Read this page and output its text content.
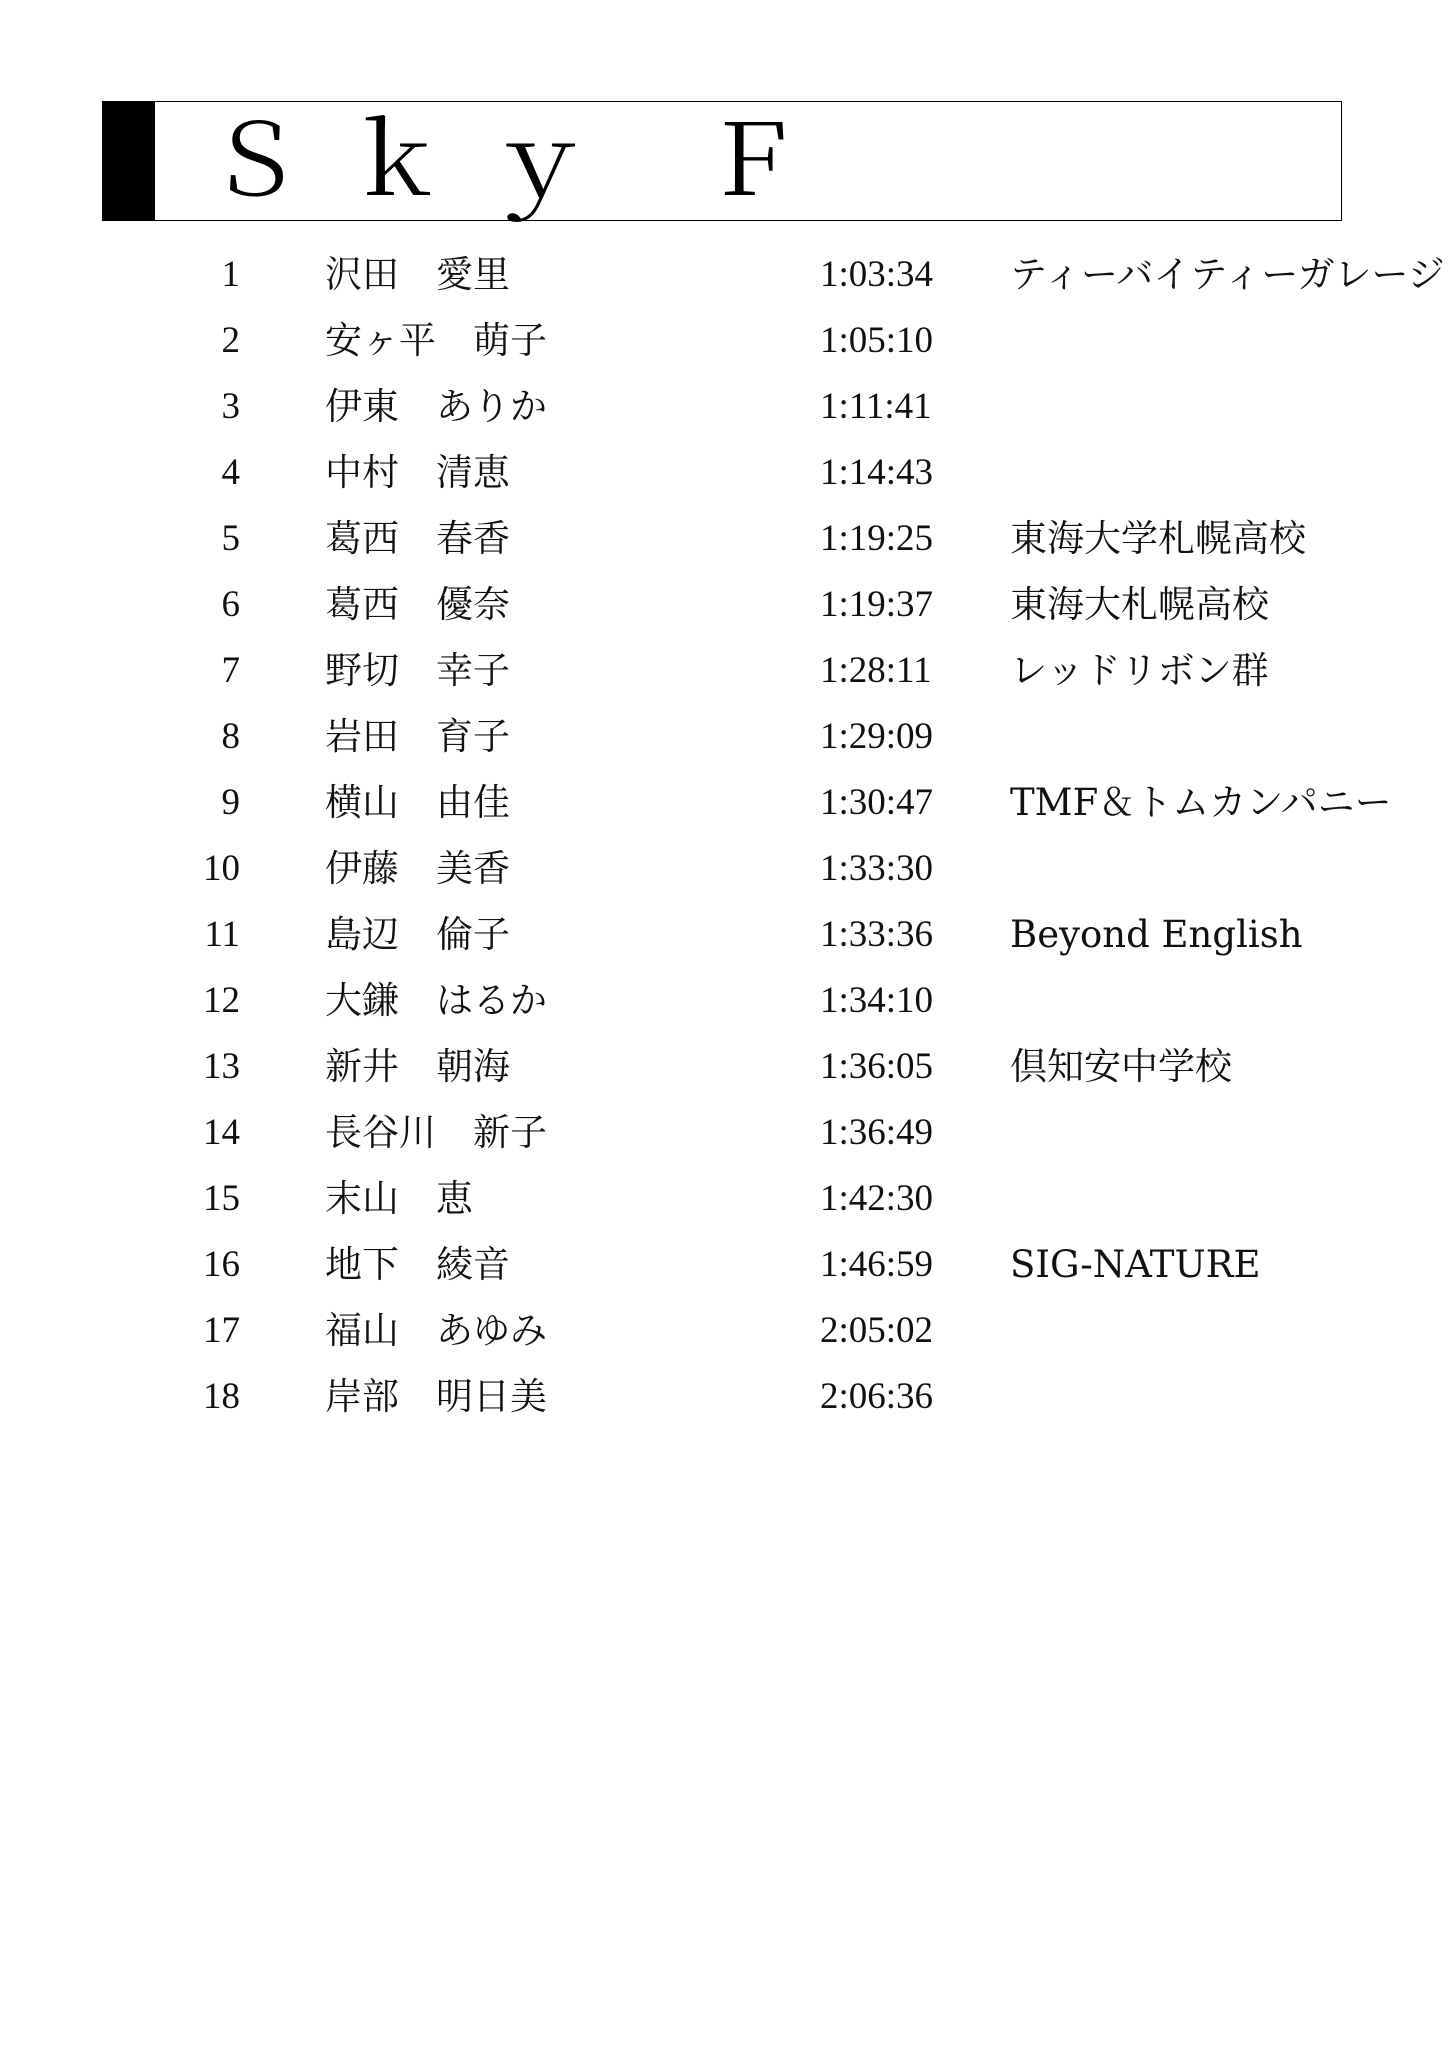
Ｓｋｙ Ｆ
1 沢田　愛里	1:03:34 ティーバイティーガレージ
2 安ヶ平　萌子	1:05:10
3 伊東　ありか	1:11:41
4 中村　清恵	1:14:43
5 葛西　春香	1:19:25 東海大学札幌高校
6 葛西　優奈	1:19:37 東海大札幌高校
7 野切　幸子	1:28:11 レッドリボン群
8 岩田　育子	1:29:09
9 横山　由佳	1:30:47 TMF＆トムカンパニー
10 伊藤　美香	1:33:30
11 島辺　倫子	1:33:36 Beyond English
12 大鎌　はるか	1:34:10
13 新井　朝海	1:36:05 倶知安中学校
14 長谷川　新子	1:36:49
15 末山　恵	1:42:30
16 地下　綾音	1:46:59 SIG-NATURE
17 福山　あゆみ	2:05:02
18 岸部　明日美	2:06:36
